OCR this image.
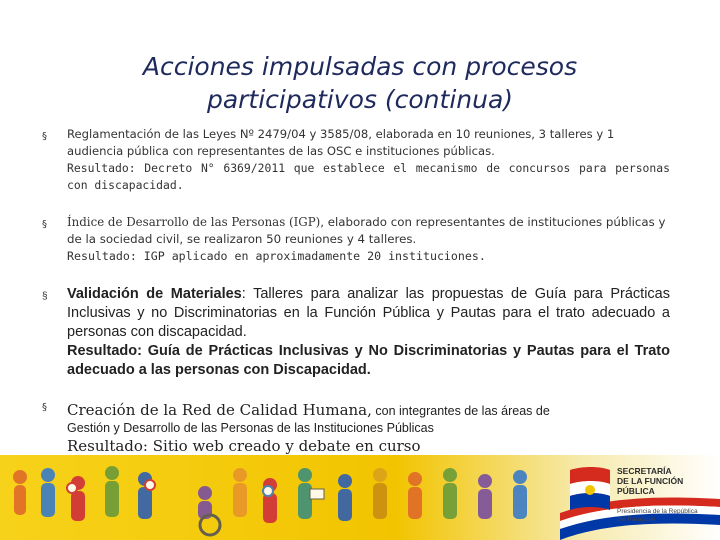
Acciones impulsadas con procesos
participativos (continua)
§ Reglamentación de las Leyes Nº 2479/04 y 3585/08, elaborada en 10 reuniones, 3 talleres y 1 audiencia pública con representantes de las OSC e instituciones públicas.
Resultado: Decreto N° 6369/2011 que establece el mecanismo de concursos para personas con discapacidad.
§ Índice de Desarrollo de las Personas (IGP), elaborado con representantes de instituciones públicas y de la sociedad civil, se realizaron 50 reuniones y 4 talleres.
Resultado: IGP aplicado en aproximadamente 20 instituciones.
§ Validación de Materiales: Talleres para analizar las propuestas de Guía para Prácticas Inclusivas y no Discriminatorias en la Función Pública y Pautas para el trato adecuado a personas con discapacidad.
Resultado: Guía de Prácticas Inclusivas y No Discriminatorias y Pautas para el Trato adecuado a las personas con Discapacidad.
§ Creación de la Red de Calidad Humana, con integrantes de las áreas de
Gestión y Desarrollo de las Personas de las Instituciones Públicas
Resultado: Sitio web creado y debate en curso
SECRETARÍA
DE LA FUNCIÓN
PÚBLICA
Presidencia de la República
del Paraguay
